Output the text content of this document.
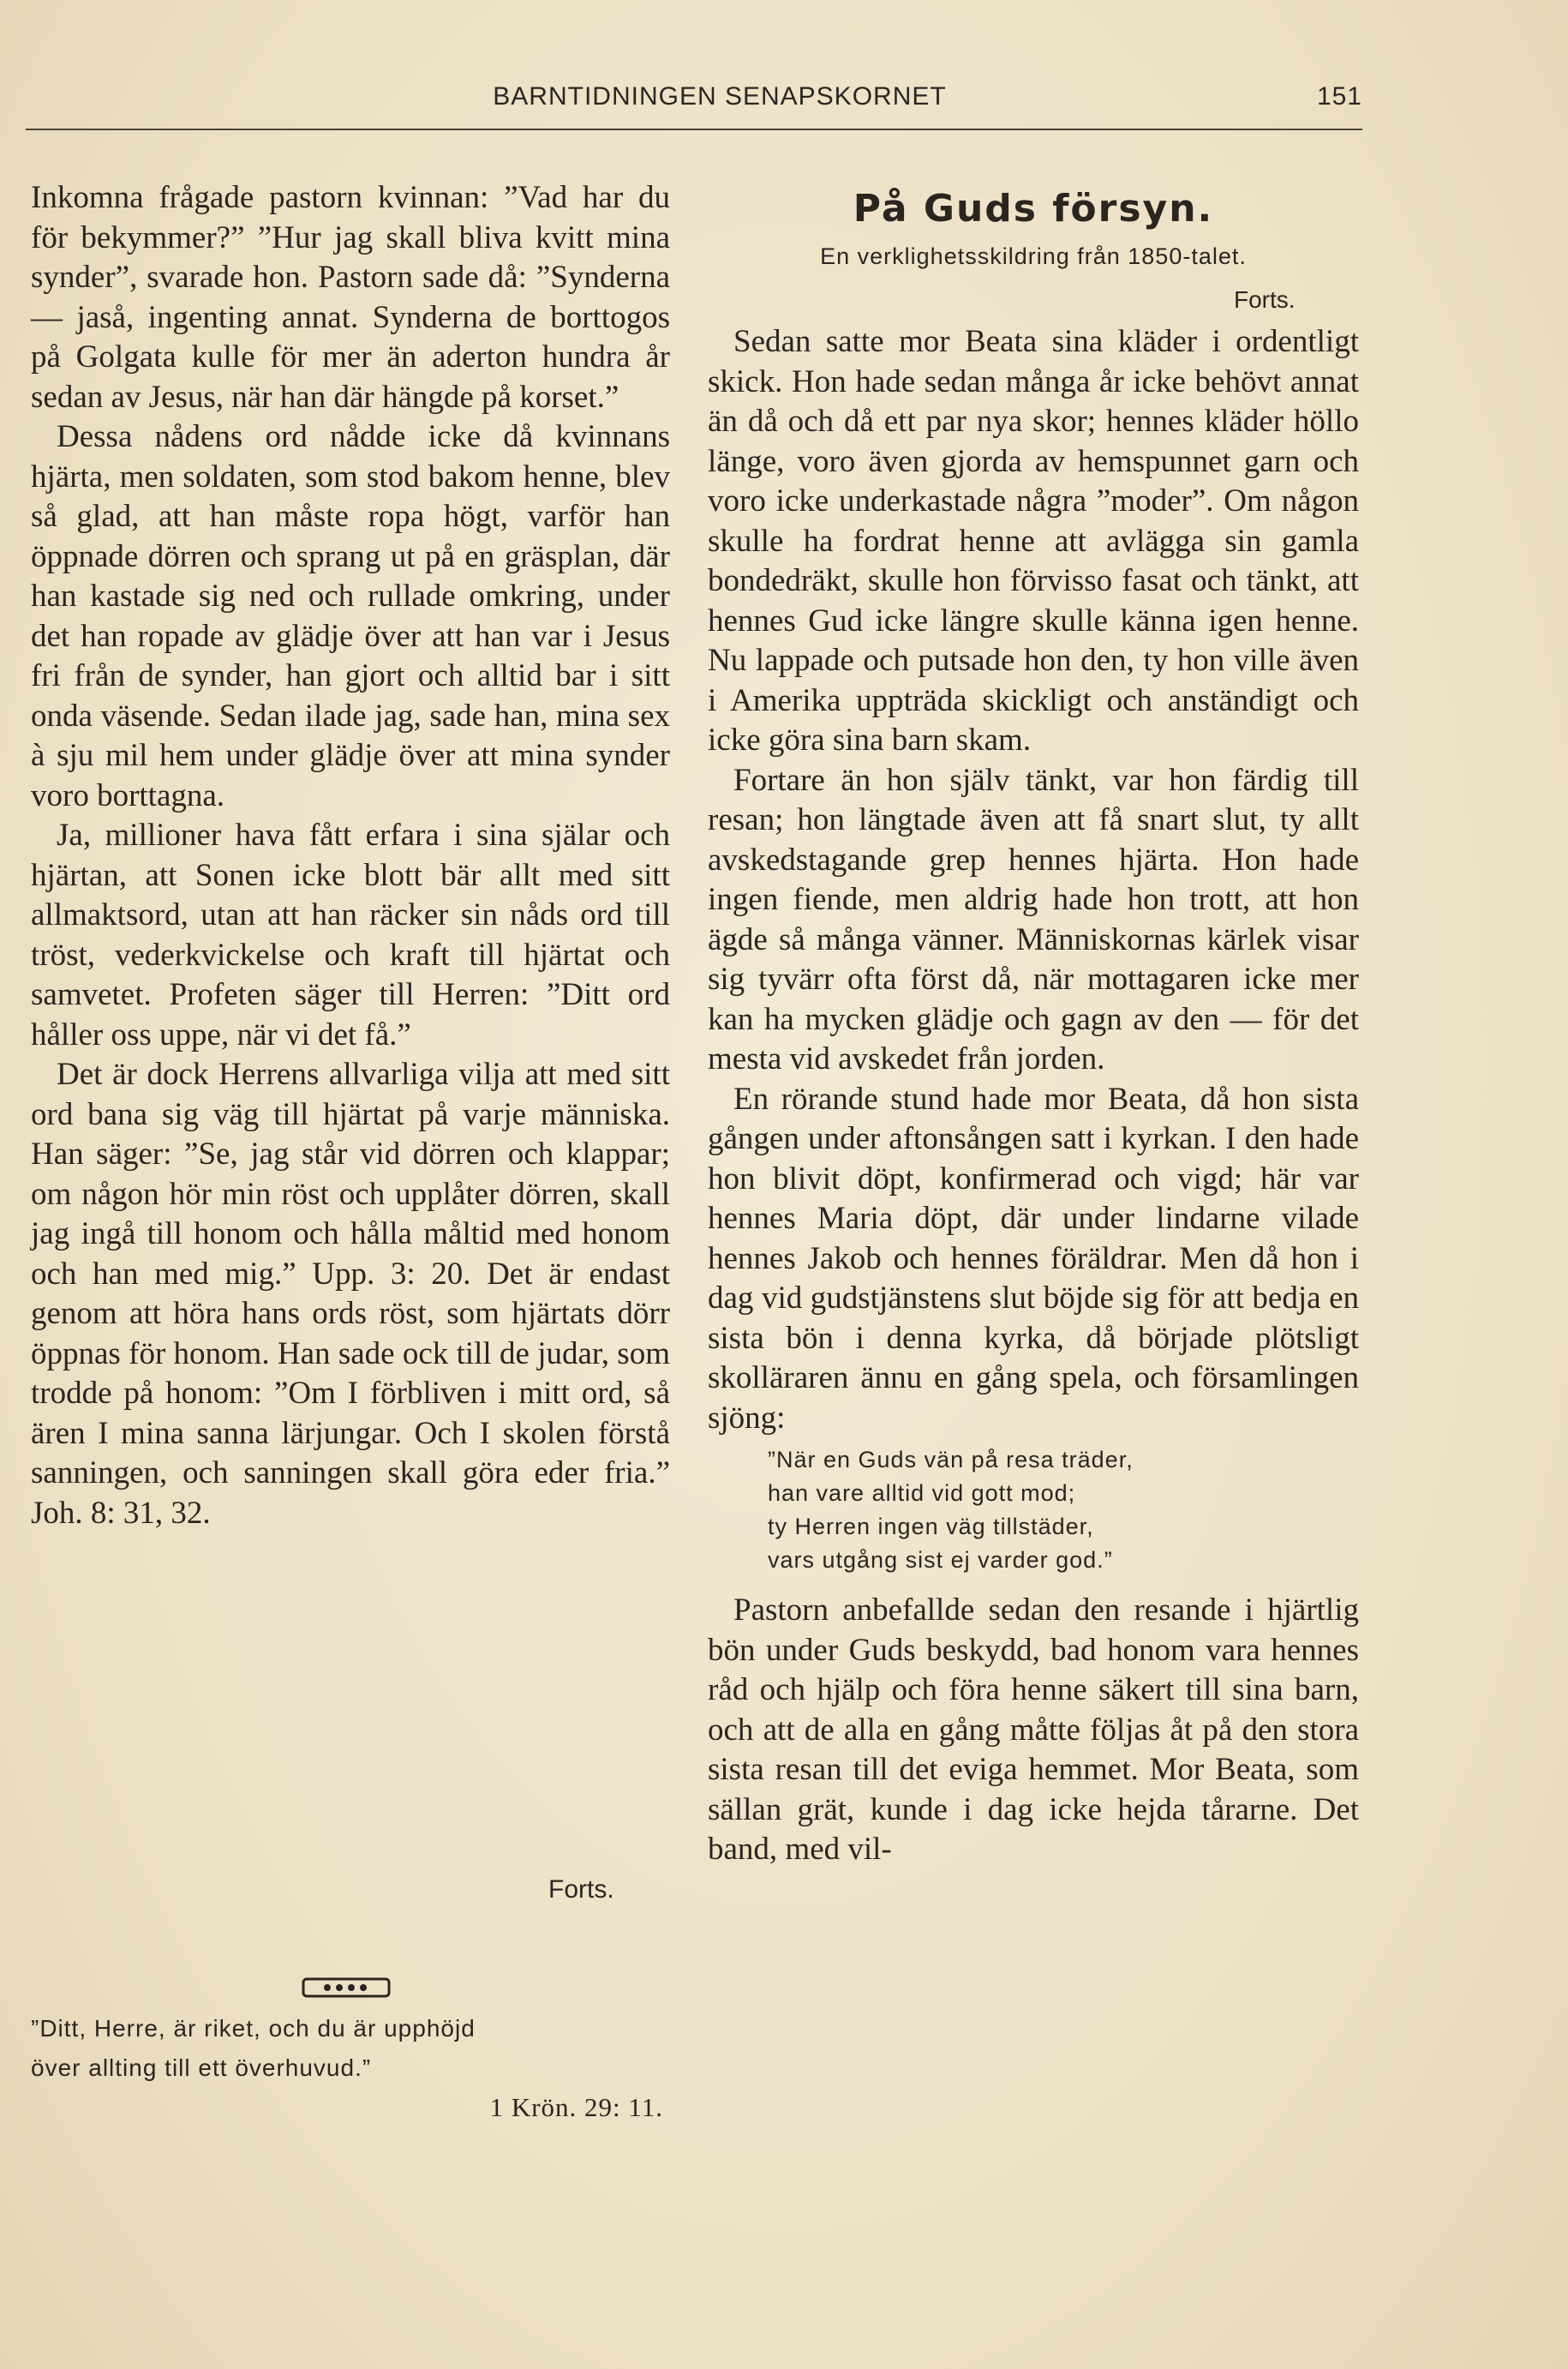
BARNTIDNINGEN SENAPSKORNET	151

Inkomna frågade pastorn kvinnan: ”Vad har du för bekymmer?” ”Hur jag skall bliva kvitt mina synder”, svarade hon. Pastorn sade då: ”Synderna — jaså, ingenting annat. Synderna de borttogos på Golgata kulle för mer än aderton hundra år sedan av Jesus, när han där hängde på korset.”

Dessa nådens ord nådde icke då kvinnans hjärta, men soldaten, som stod bakom henne, blev så glad, att han måste ropa högt, varför han öppnade dörren och sprang ut på en gräsplan, där han kastade sig ned och rullade omkring, under det han ropade av glädje över att han var i Jesus fri från de synder, han gjort och alltid bar i sitt onda väsende. Sedan ilade jag, sade han, mina sex à sju mil hem under glädje över att mina synder voro borttagna.

Ja, millioner hava fått erfara i sina själar och hjärtan, att Sonen icke blott bär allt med sitt allmaktsord, utan att han räcker sin nåds ord till tröst, vederkvickelse och kraft till hjärtat och samvetet. Profeten säger till Herren: ”Ditt ord håller oss uppe, när vi det få.”

Det är dock Herrens allvarliga vilja att med sitt ord bana sig väg till hjärtat på varje människa. Han säger: ”Se, jag står vid dörren och klappar; om någon hör min röst och upplåter dörren, skall jag ingå till honom och hålla måltid med honom och han med mig.” Upp. 3: 20. Det är endast genom att höra hans ords röst, som hjärtats dörr öppnas för honom. Han sade ock till de judar, som trodde på honom: ”Om I förbliven i mitt ord, så ären I mina sanna lärjungar. Och I skolen förstå sanningen, och sanningen skall göra eder fria.” Joh. 8: 31, 32.

Forts.
”Ditt, Herre, är riket, och du är upphöjd
över allting till ett överhuvud.”
1 Krön. 29: 11.
På Guds försyn.
En verklighetsskildring från 1850-talet.
Forts.

Sedan satte mor Beata sina kläder i ordentligt skick. Hon hade sedan många år icke behövt annat än då och då ett par nya skor; hennes kläder höllo länge, voro även gjorda av hemspunnet garn och voro icke underkastade några ”moder”. Om någon skulle ha fordrat henne att avlägga sin gamla bondedräkt, skulle hon förvisso fasat och tänkt, att hennes Gud icke längre skulle känna igen henne. Nu lappade och putsade hon den, ty hon ville även i Amerika uppträda skickligt och anständigt och icke göra sina barn skam.

Fortare än hon själv tänkt, var hon färdig till resan; hon längtade även att få snart slut, ty allt avskedstagande grep hennes hjärta. Hon hade ingen fiende, men aldrig hade hon trott, att hon ägde så många vänner. Människornas kärlek visar sig tyvärr ofta först då, när mottagaren icke mer kan ha mycken glädje och gagn av den — för det mesta vid avskedet från jorden.

En rörande stund hade mor Beata, då hon sista gången under aftonsången satt i kyrkan. I den hade hon blivit döpt, konfirmerad och vigd; här var hennes Maria döpt, där under lindarne vilade hennes Jakob och hennes föräldrar. Men då hon i dag vid gudstjänstens slut böjde sig för att bedja en sista bön i denna kyrka, då började plötsligt skolläraren ännu en gång spela, och församlingen sjöng:

”När en Guds vän på resa träder,
han vare alltid vid gott mod;
ty Herren ingen väg tillstäder,
vars utgång sist ej varder god.”

Pastorn anbefallde sedan den resande i hjärtlig bön under Guds beskydd, bad honom vara hennes råd och hjälp och föra henne säkert till sina barn, och att de alla en gång måtte följas åt på den stora sista resan till det eviga hemmet. Mor Beata, som sällan grät, kunde i dag icke hejda tårarne. Det band, med vil-
